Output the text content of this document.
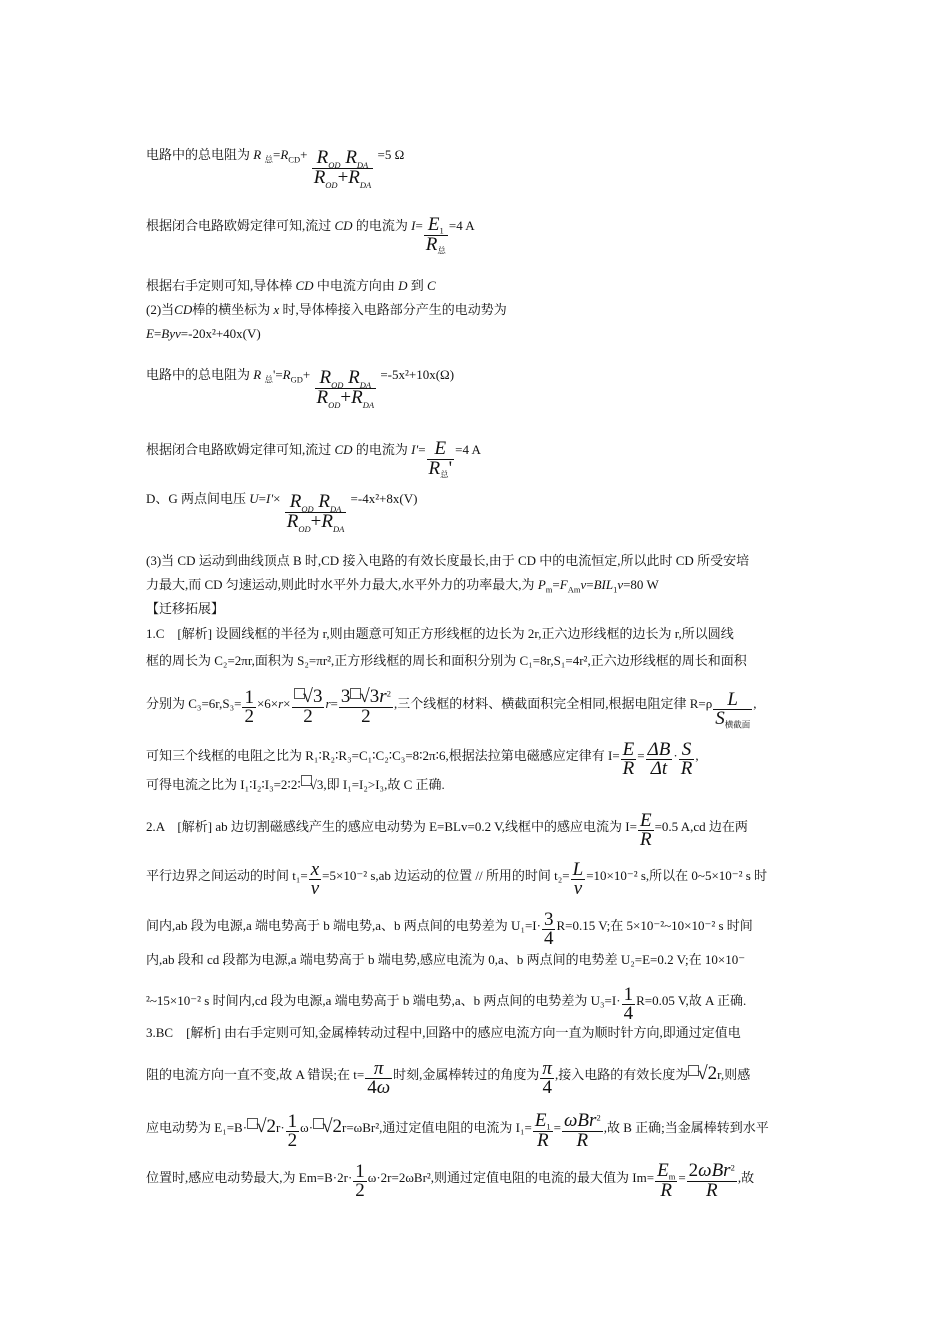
电路中的总电阻为 R $_总=R_{CD}+ \frac{R_{OD} R_{DA}}{R_{OD}+R_{DA}} =5$ Ω
根据闭合电路欧姆定律可知,流过 CD 的电流为 $I= \frac{E_1}{R_总} =4$ A
根据右手定则可知,导体棒 CD 中电流方向由 D 到 C
(2)当CD棒的横坐标为 x 时,导体棒接入电路部分产生的电动势为
E=Byv=-20x²+40x(V)
电路中的总电阻为 R $_总'=R_{GD}+ \frac{R_{OD} R_{DA}}{R_{OD}+R_{DA}} =-5x^2+10x(\Omega)$
根据闭合电路欧姆定律可知,流过 CD 的电流为 $I'= \frac{E}{R_总'} =4$ A
D、G 两点间电压 $U=I'\times \frac{R_{OD} R_{DA}}{R_{OD}+R_{DA}} =-4x^2+8x(V)$
(3)当 CD 运动到曲线顶点 B 时,CD 接入电路的有效长度最长,由于 CD 中的电流恒定,所以此时 CD 所受安培
力最大,而 CD 匀速运动,则此时水平外力最大,水平外力的功率最大,为 $P_m=F_{Am}v=BIL_1v=80$ W
【迁移拓展】
1.C　[解析] 设圆线框的半径为 r,则由题意可知正方形线框的边长为 2r,正六边形线框的边长为 r,所以圆线
框的周长为 C₂=2πr,面积为 S₂=πr²,正方形线框的周长和面积分别为 C₁=8r,S₁=4r²,正六边形线框的周长和面积
分别为 $C_3=6r,S_3= \frac{1}{2} \times 6\times r\times \frac{√3}{2} r= \frac{3 √3r^2}{2}$ ,三个线框的材料、横截面积完全相同,根据电阻定律 $R=\rho \frac{L}{S_{横截面}}$ ,
可知三个线框的电阻之比为 R₁∶R₂∶R₃=C₁∶C₂∶C₃=8∶2π∶6,根据法拉第电磁感应定律有 $I= \frac{E}{R} = \frac{\Delta B}{\Delta t} \cdot \frac{S}{R}$ ,
可得电流之比为 I₁∶I₂∶I₃=2∶2∶ √3,即 I₁=I₂>I₃,故 C 正确.
2.A　[解析] ab 边切割磁感线产生的感应电动势为 E=BLv=0.2 V,线框中的感应电流为 $I= \frac{E}{R} =0.5$ A,cd 边在两
平行边界之间运动的时间 $t_1= \frac{x}{v} =5\times 10^{-2}$ s,ab 边运动的位置 // 所用的时间 $t_2= \frac{L}{v} =10\times 10^{-2}$ s,所以在 0~5×10⁻² s 时
间内,ab 段为电源,a 端电势高于 b 端电势,a、b 两点间的电势差为 $U_1=I\cdot \frac{3}{4} R=0.15$ V;在 5×10⁻²~10×10⁻² s 时间
内,ab 段和 cd 段都为电源,a 端电势高于 b 端电势,感应电流为 0,a、b 两点间的电势差 U₂=E=0.2 V;在 10×10⁻
²~15×10⁻² s 时间内,cd 段为电源,a 端电势高于 b 端电势,a、b 两点间的电势差为 $U_3=I\cdot \frac{1}{4} R=0.05$ V,故 A 正确.
3.BC　[解析] 由右手定则可知,金属棒转动过程中,回路中的感应电流方向一直为顺时针方向,即通过定值电
阻的电流方向一直不变,故 A 错误;在 $t= \frac{\pi}{4\omega}$ 时刻,金属棒转过的角度为 $\frac{\pi}{4}$ ,接入电路的有效长度为 √2r,则感
应电动势为 $E_1=B\cdot √2r\cdot \frac{1}{2} \omega\cdot √2r=\omega Br^2$,通过定值电阻的电流为 $I_1= \frac{E_1}{R} = \frac{\omega Br^2}{R}$ ,故 B 正确;当金属棒转到水平
位置时,感应电动势最大,为 $Em=B\cdot 2r\cdot \frac{1}{2} \omega\cdot 2r=2\omega Br^2$,则通过定值电阻的电流的最大值为 $Im= \frac{E_m}{R} = \frac{2\omega Br^2}{R}$ ,故
